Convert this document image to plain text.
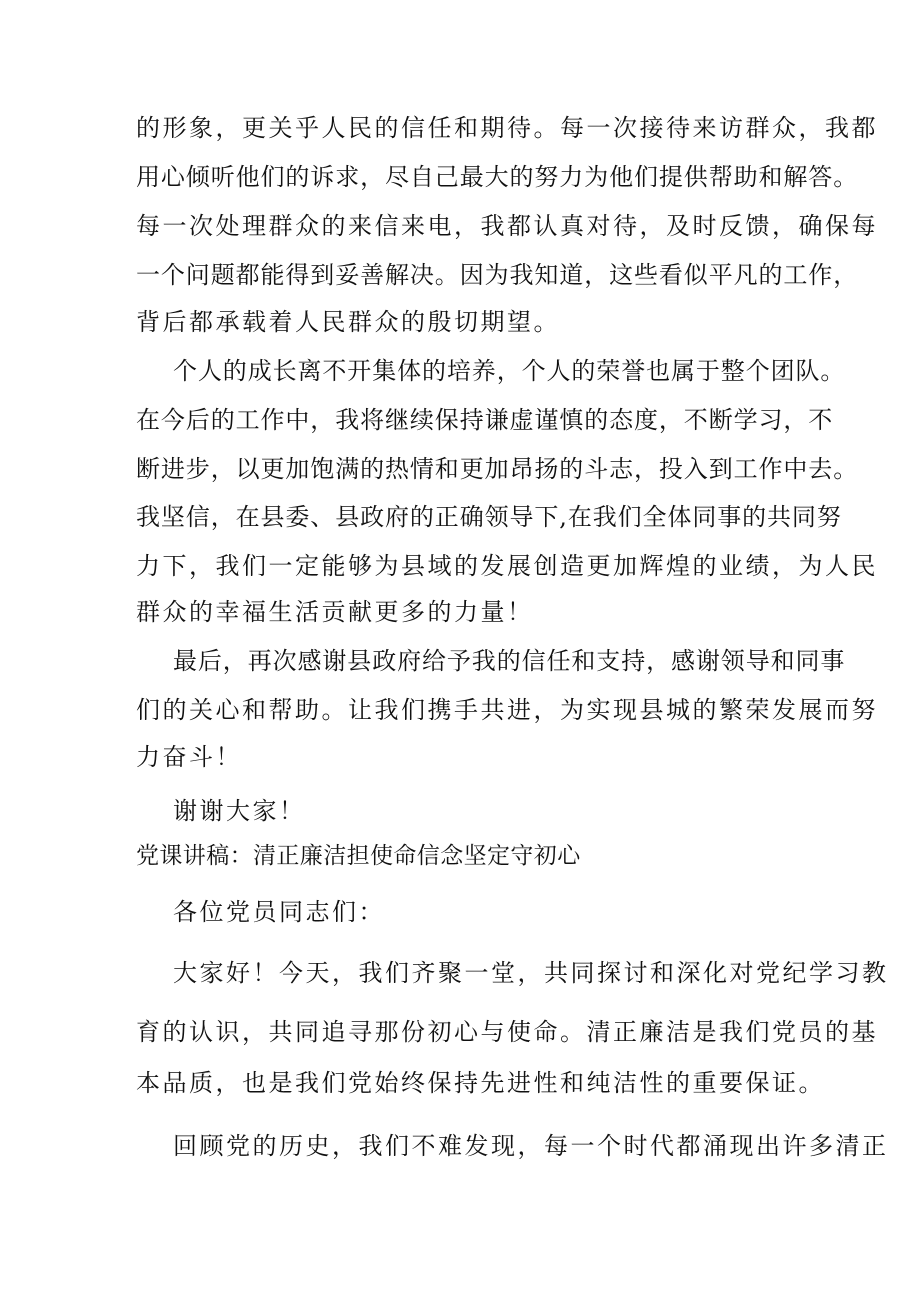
的形象，更关乎人民的信任和期待。每一次接待来访群众，我都
用心倾听他们的诉求，尽自己最大的努力为他们提供帮助和解答。
每一次处理群众的来信来电，我都认真对待，及时反馈，确保每
一个问题都能得到妥善解决。因为我知道，这些看似平凡的工作，
背后都承载着人民群众的殷切期望。
个人的成长离不开集体的培养，个人的荣誉也属于整个团队。
在今后的工作中，我将继续保持谦虚谨慎的态度，不断学习，不
断进步，以更加饱满的热情和更加昂扬的斗志，投入到工作中去。
我坚信，在县委、县政府的正确领导下,在我们全体同事的共同努
力下，我们一定能够为县域的发展创造更加辉煌的业绩，为人民
群众的幸福生活贡献更多的力量！
最后，再次感谢县政府给予我的信任和支持，感谢领导和同事
们的关心和帮助。让我们携手共进，为实现县城的繁荣发展而努
力奋斗！
谢谢大家！
党课讲稿：清正廉洁担使命信念坚定守初心
各位党员同志们：
大家好！今天，我们齐聚一堂，共同探讨和深化对党纪学习教
育的认识，共同追寻那份初心与使命。清正廉洁是我们党员的基
本品质，也是我们党始终保持先进性和纯洁性的重要保证。
回顾党的历史，我们不难发现，每一个时代都涌现出许多清正
